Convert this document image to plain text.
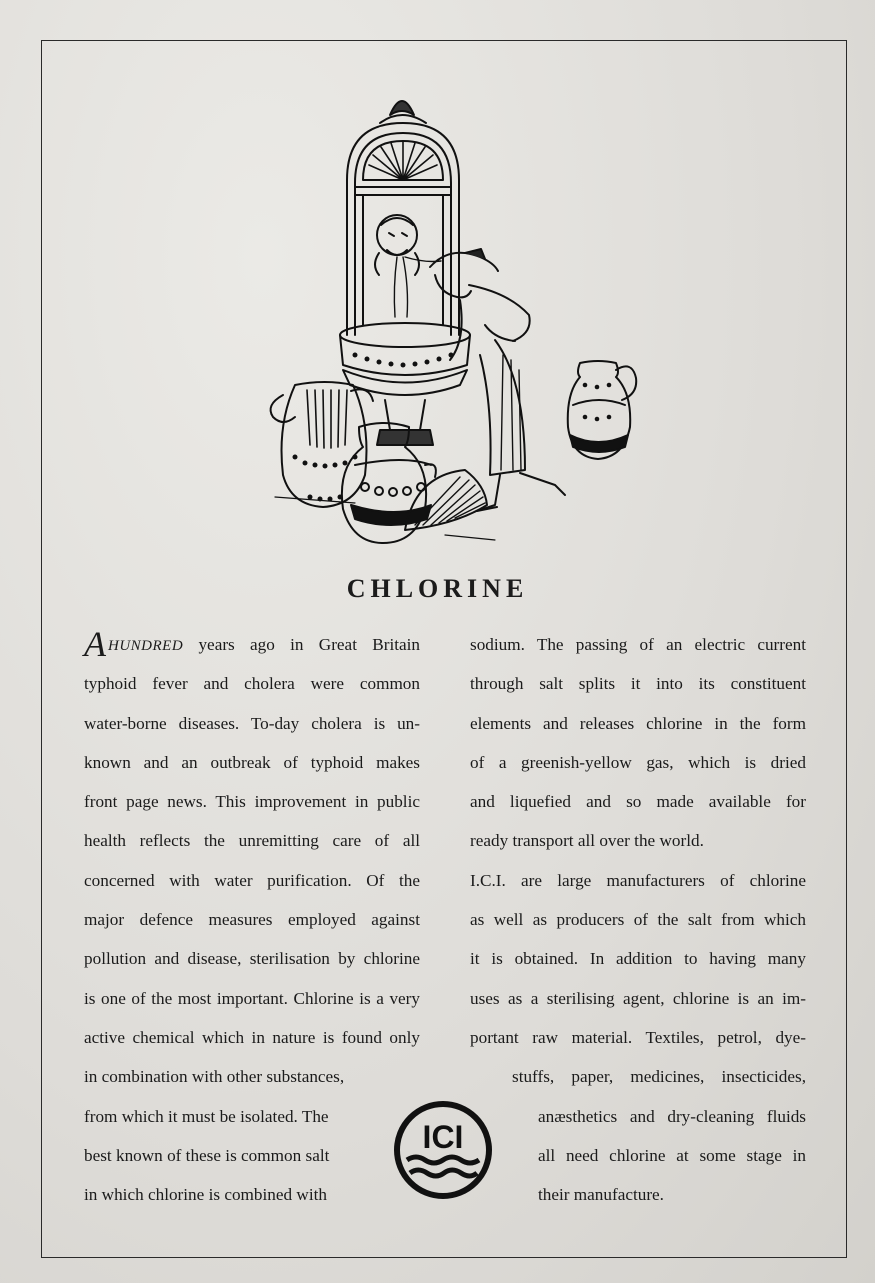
CHLORINE
AHUNDRED years ago in Great Britain
typhoid fever and cholera were common
water-borne diseases. To-day cholera is un-
known and an outbreak of typhoid makes
front page news. This improvement in public
health reflects the unremitting care of all
concerned with water purification. Of the
major defence measures employed against
pollution and disease, sterilisation by chlorine
is one of the most important. Chlorine is a very
active chemical which in nature is found only
in combination with other substances,
from which it must be isolated. The
best known of these is common salt
in which chlorine is combined with
sodium. The passing of an electric current
through salt splits it into its constituent
elements and releases chlorine in the form
of a greenish-yellow gas, which is dried
and liquefied and so made available for
ready transport all over the world.
I.C.I. are large manufacturers of chlorine
as well as producers of the salt from which
it is obtained. In addition to having many
uses as a sterilising agent, chlorine is an im-
portant raw material. Textiles, petrol, dye-
stuffs, paper, medicines, insecticides,
anæsthetics and dry-cleaning fluids
all need chlorine at some stage in
their manufacture.
ICI
